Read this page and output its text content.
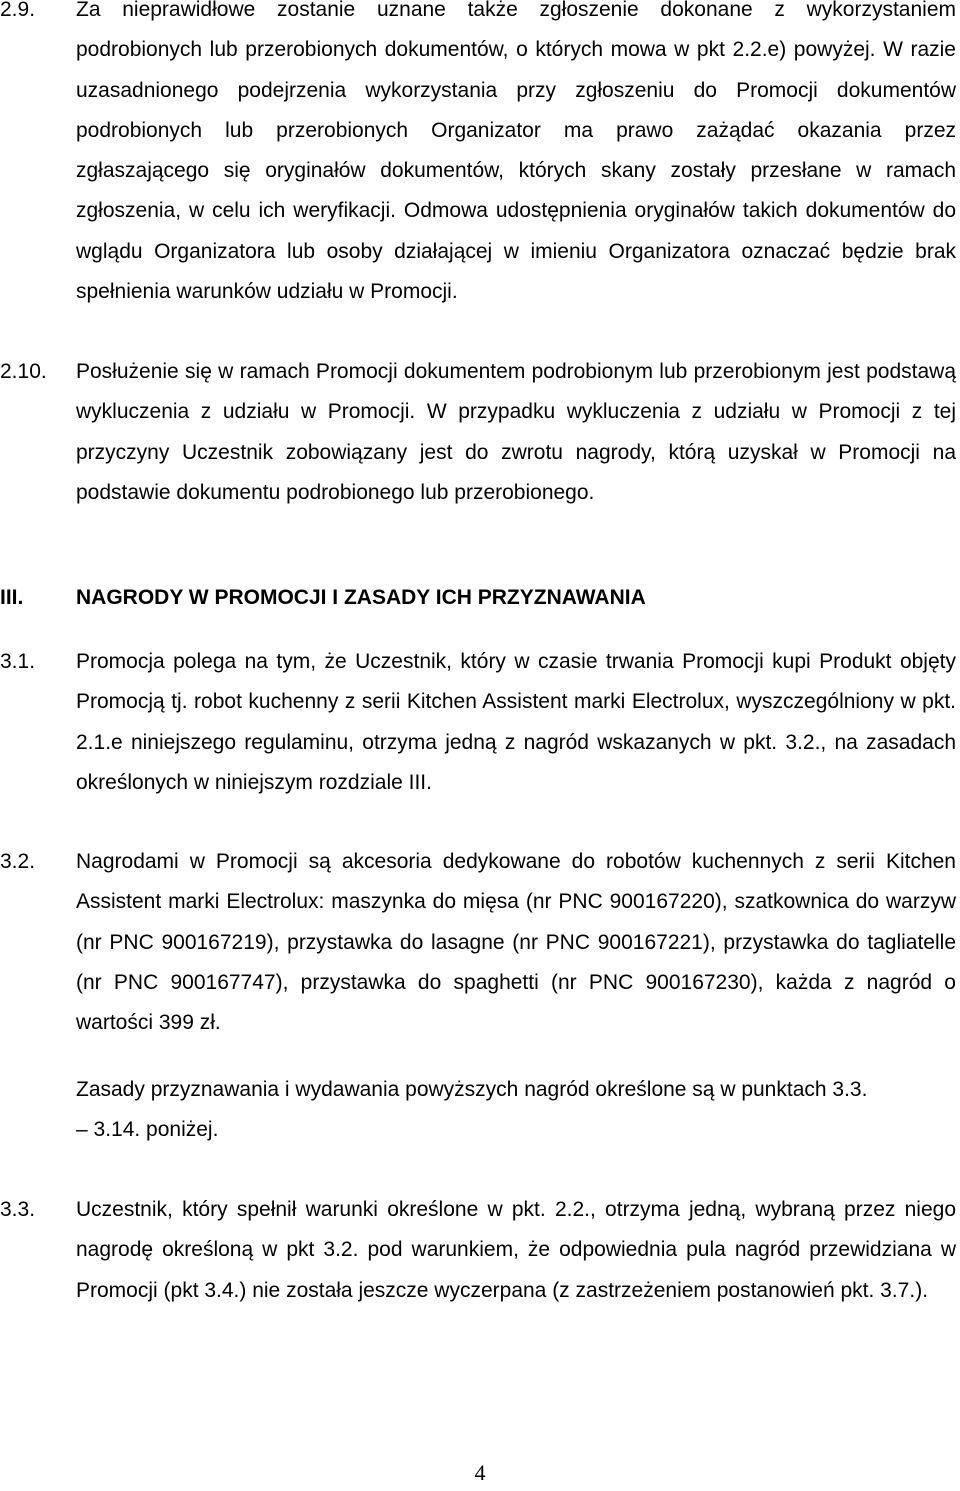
2.9. Za nieprawidłowe zostanie uznane także zgłoszenie dokonane z wykorzystaniem podrobionych lub przerobionych dokumentów, o których mowa w pkt 2.2.e) powyżej. W razie uzasadnionego podejrzenia wykorzystania przy zgłoszeniu do Promocji dokumentów podrobionych lub przerobionych Organizator ma prawo zażądać okazania przez zgłaszającego się oryginałów dokumentów, których skany zostały przesłane w ramach zgłoszenia, w celu ich weryfikacji. Odmowa udostępnienia oryginałów takich dokumentów do wglądu Organizatora lub osoby działającej w imieniu Organizatora oznaczać będzie brak spełnienia warunków udziału w Promocji.
2.10. Posłużenie się w ramach Promocji dokumentem podrobionym lub przerobionym jest podstawą wykluczenia z udziału w Promocji. W przypadku wykluczenia z udziału w Promocji z tej przyczyny Uczestnik zobowiązany jest do zwrotu nagrody, którą uzyskał w Promocji na podstawie dokumentu podrobionego lub przerobionego.
III.	NAGRODY W PROMOCJI I ZASADY ICH PRZYZNAWANIA
3.1. Promocja polega na tym, że Uczestnik, który w czasie trwania Promocji kupi Produkt objęty Promocją tj. robot kuchenny z serii Kitchen Assistent marki Electrolux, wyszczególniony w pkt. 2.1.e niniejszego regulaminu, otrzyma jedną z nagród wskazanych w pkt. 3.2., na zasadach określonych w niniejszym rozdziale III.
3.2. Nagrodami w Promocji są akcesoria dedykowane do robotów kuchennych z serii Kitchen Assistent marki Electrolux: maszynka do mięsa (nr PNC 900167220), szatkownica do warzyw (nr PNC 900167219), przystawka do lasagne (nr PNC 900167221), przystawka do tagliatelle (nr PNC 900167747), przystawka do spaghetti (nr PNC 900167230), każda z nagród o wartości 399 zł.
Zasady przyznawania i wydawania powyższych nagród określone są w punktach 3.3.
– 3.14. poniżej.
3.3. Uczestnik, który spełnił warunki określone w pkt. 2.2., otrzyma jedną, wybraną przez niego nagrodę określoną w pkt 3.2. pod warunkiem, że odpowiednia pula nagród przewidziana w Promocji (pkt 3.4.) nie została jeszcze wyczerpana (z zastrzeżeniem postanowień pkt. 3.7.).
4
